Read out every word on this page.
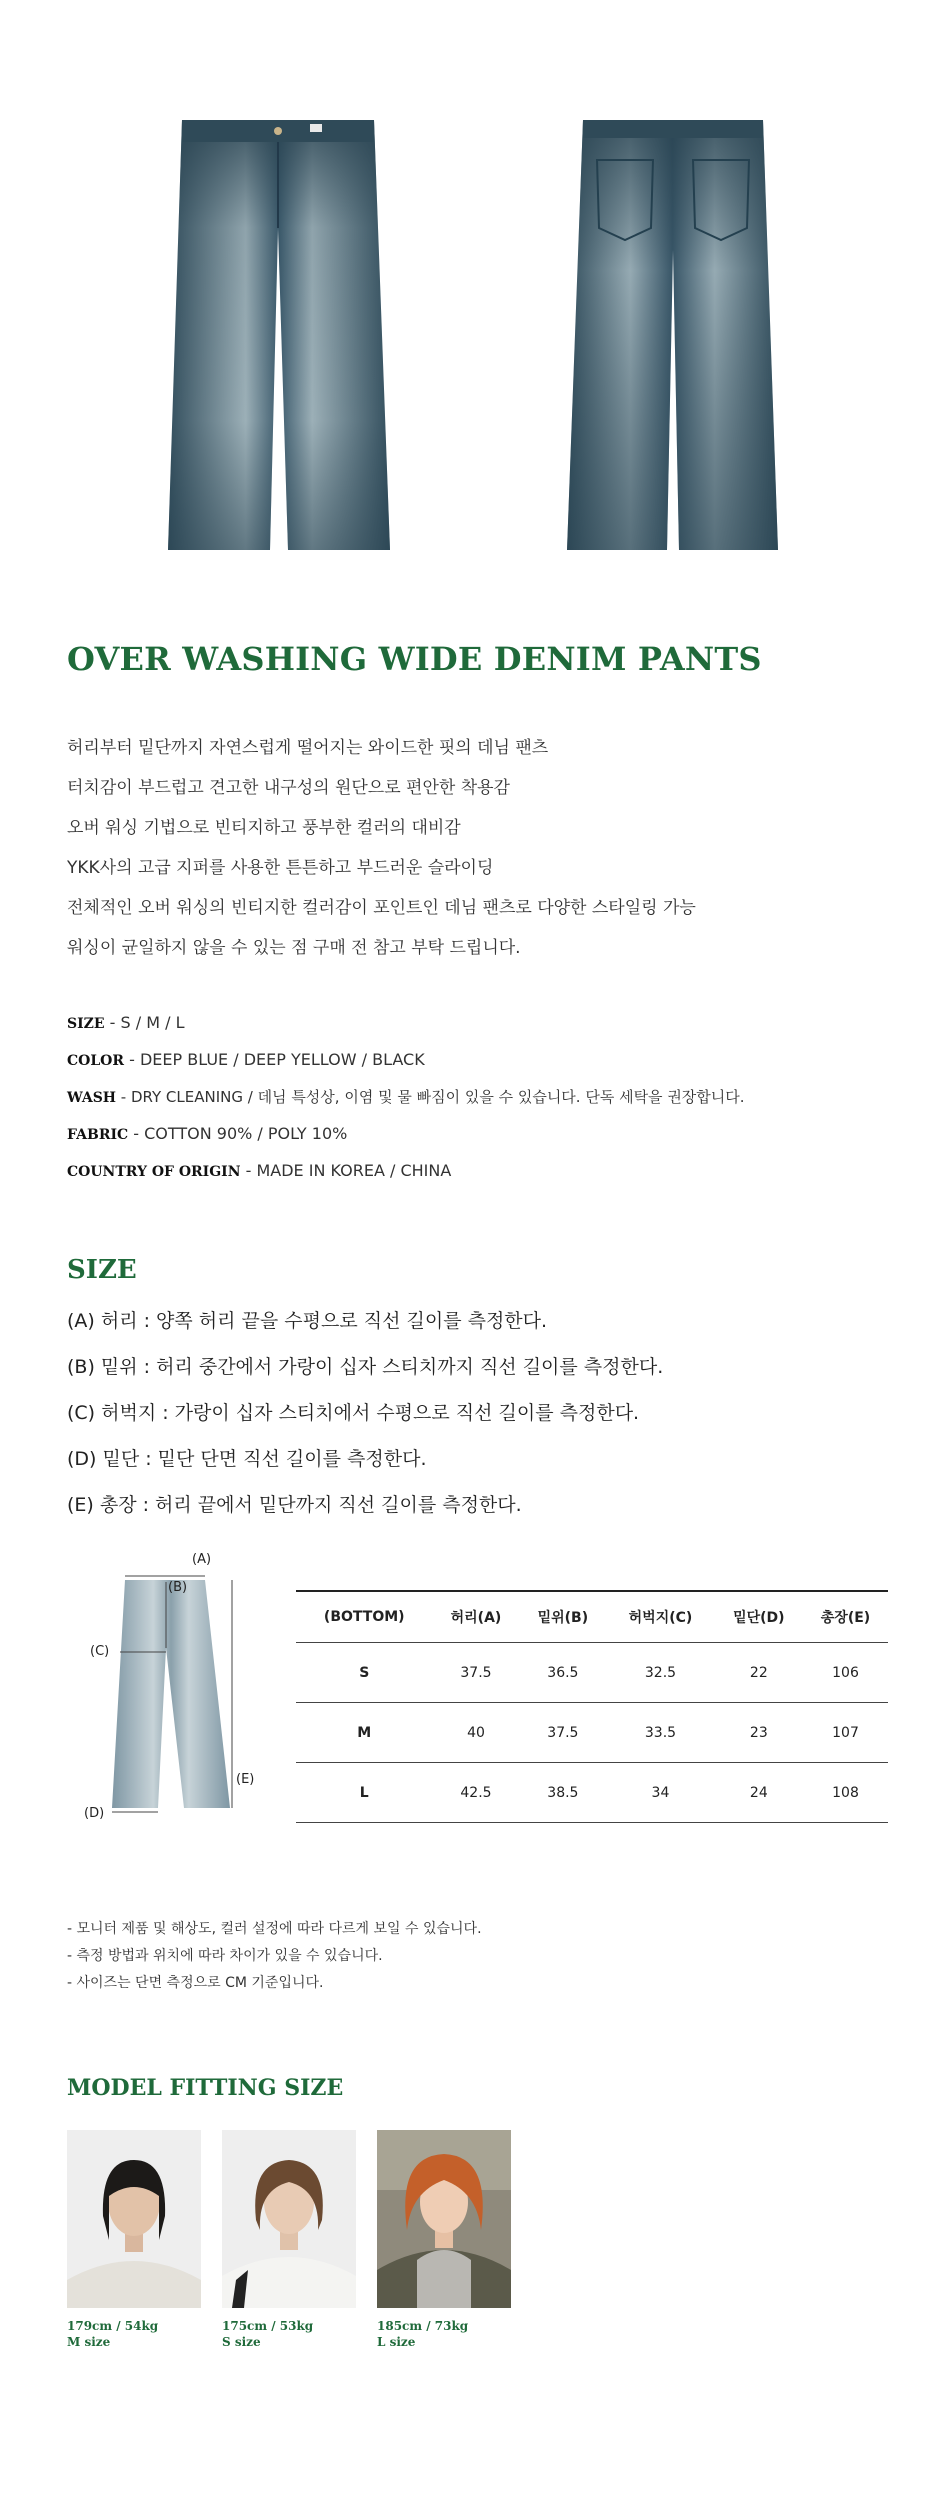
OVER WASHING WIDE DENIM PANTS
허리부터 밑단까지 자연스럽게 떨어지는 와이드한 핏의 데님 팬츠
터치감이 부드럽고 견고한 내구성의 원단으로 편안한 착용감
오버 워싱 기법으로 빈티지하고 풍부한 컬러의 대비감
YKK사의 고급 지퍼를 사용한 튼튼하고 부드러운 슬라이딩
전체적인 오버 워싱의 빈티지한 컬러감이 포인트인 데님 팬츠로 다양한 스타일링 가능
워싱이 균일하지 않을 수 있는 점 구매 전 참고 부탁 드립니다.
SIZE - S / M / L
COLOR - DEEP BLUE / DEEP YELLOW / BLACK
WASH - DRY CLEANING / 데님 특성상, 이염 및 물 빠짐이 있을 수 있습니다. 단독 세탁을 권장합니다.
FABRIC - COTTON 90% / POLY 10%
COUNTRY OF ORIGIN - MADE IN KOREA / CHINA
SIZE
(A) 허리 : 양쪽 허리 끝을 수평으로 직선 길이를 측정한다.
(B) 밑위 : 허리 중간에서 가랑이 십자 스티치까지 직선 길이를 측정한다.
(C) 허벅지 : 가랑이 십자 스티치에서 수평으로 직선 길이를 측정한다.
(D) 밑단 : 밑단 단면 직선 길이를 측정한다.
(E) 총장 : 허리 끝에서 밑단까지 직선 길이를 측정한다.
(A)
(B)
(C)
(D)
(E)
(BOTTOM)	허리(A)	밑위(B)	허벅지(C)	밑단(D)	총장(E)
S	37.5	36.5	32.5	22	106
M	40	37.5	33.5	23	107
L	42.5	38.5	34	24	108
- 모니터 제품 및 해상도, 컬러 설정에 따라 다르게 보일 수 있습니다.
- 측정 방법과 위치에 따라 차이가 있을 수 있습니다.
- 사이즈는 단면 측정으로 CM 기준입니다.
MODEL FITTING SIZE
179cm / 54kg
M size
175cm / 53kg
S size
185cm / 73kg
L size
